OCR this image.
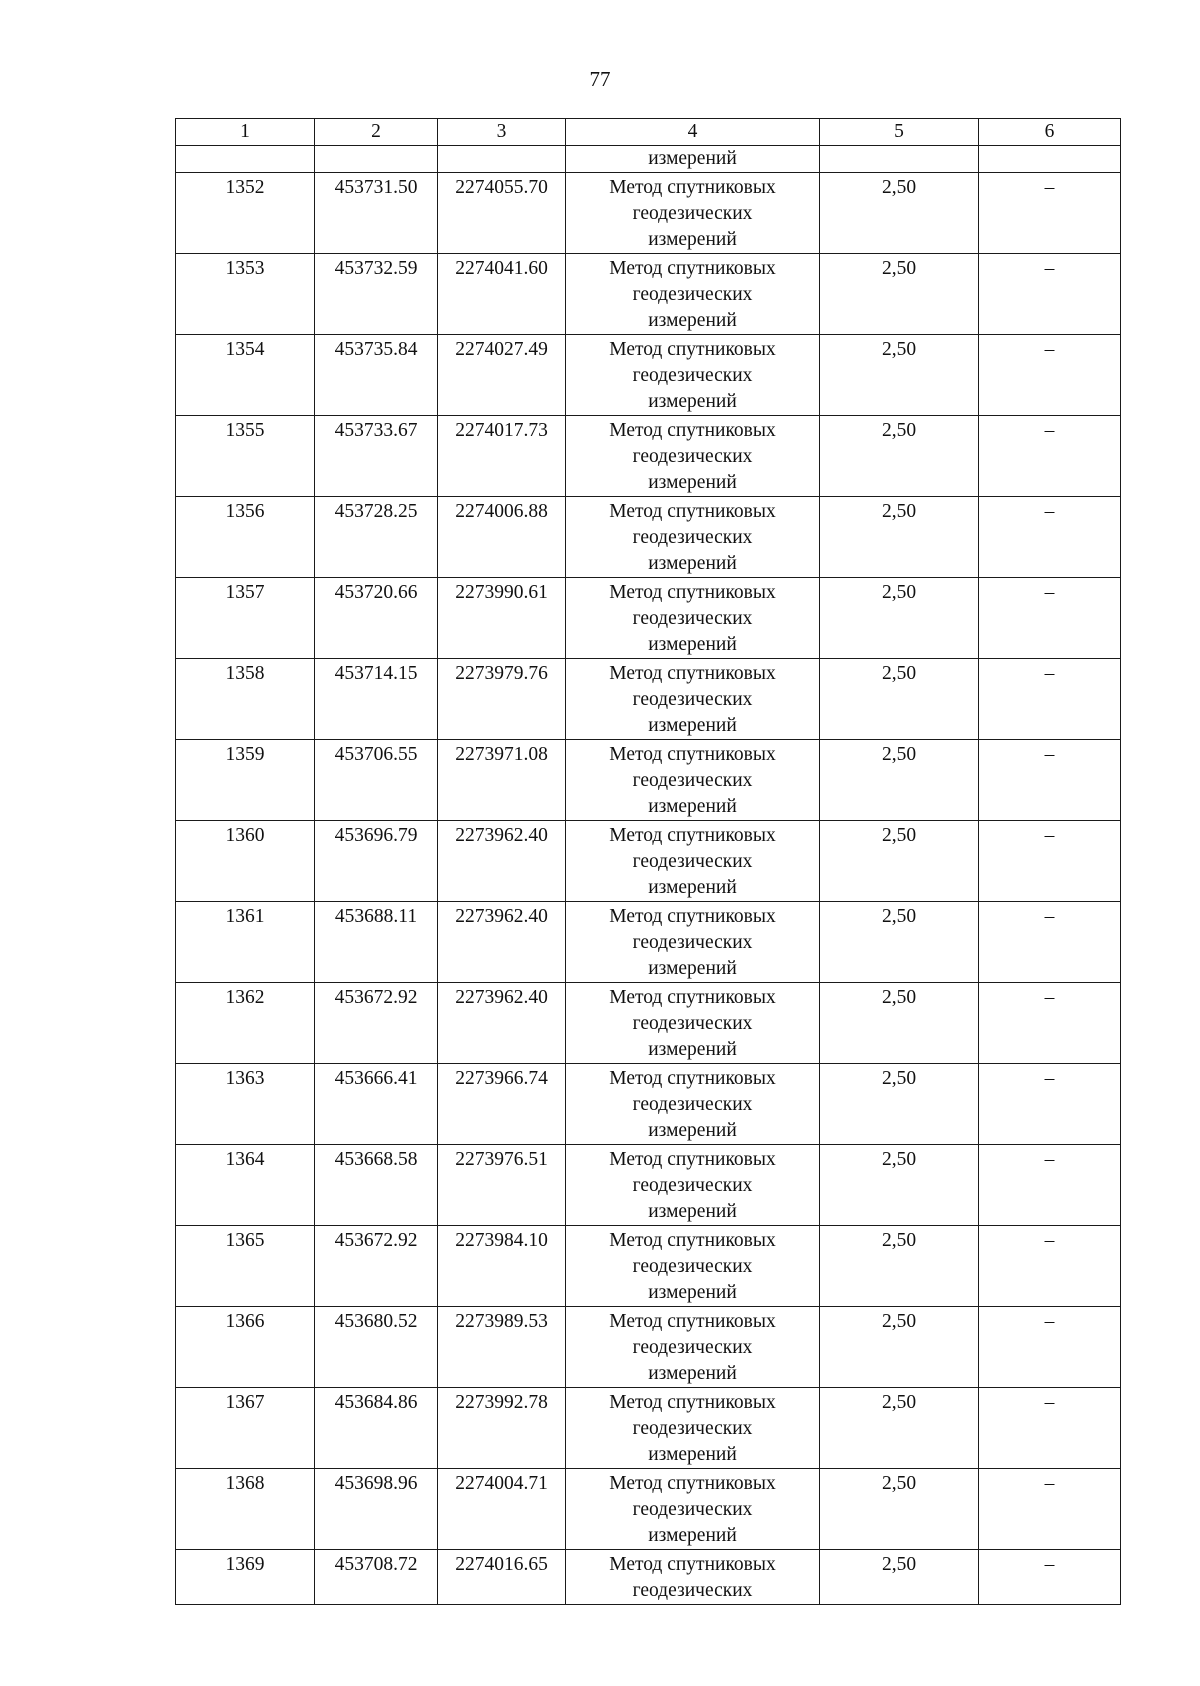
77
1	2	3	4	5	6
			измерений		
1352	453731.50	2274055.70	Метод спутниковых
геодезических
измерений	2,50	–
1353	453732.59	2274041.60	Метод спутниковых
геодезических
измерений	2,50	–
1354	453735.84	2274027.49	Метод спутниковых
геодезических
измерений	2,50	–
1355	453733.67	2274017.73	Метод спутниковых
геодезических
измерений	2,50	–
1356	453728.25	2274006.88	Метод спутниковых
геодезических
измерений	2,50	–
1357	453720.66	2273990.61	Метод спутниковых
геодезических
измерений	2,50	–
1358	453714.15	2273979.76	Метод спутниковых
геодезических
измерений	2,50	–
1359	453706.55	2273971.08	Метод спутниковых
геодезических
измерений	2,50	–
1360	453696.79	2273962.40	Метод спутниковых
геодезических
измерений	2,50	–
1361	453688.11	2273962.40	Метод спутниковых
геодезических
измерений	2,50	–
1362	453672.92	2273962.40	Метод спутниковых
геодезических
измерений	2,50	–
1363	453666.41	2273966.74	Метод спутниковых
геодезических
измерений	2,50	–
1364	453668.58	2273976.51	Метод спутниковых
геодезических
измерений	2,50	–
1365	453672.92	2273984.10	Метод спутниковых
геодезических
измерений	2,50	–
1366	453680.52	2273989.53	Метод спутниковых
геодезических
измерений	2,50	–
1367	453684.86	2273992.78	Метод спутниковых
геодезических
измерений	2,50	–
1368	453698.96	2274004.71	Метод спутниковых
геодезических
измерений	2,50	–
1369	453708.72	2274016.65	Метод спутниковых
геодезических	2,50	–
